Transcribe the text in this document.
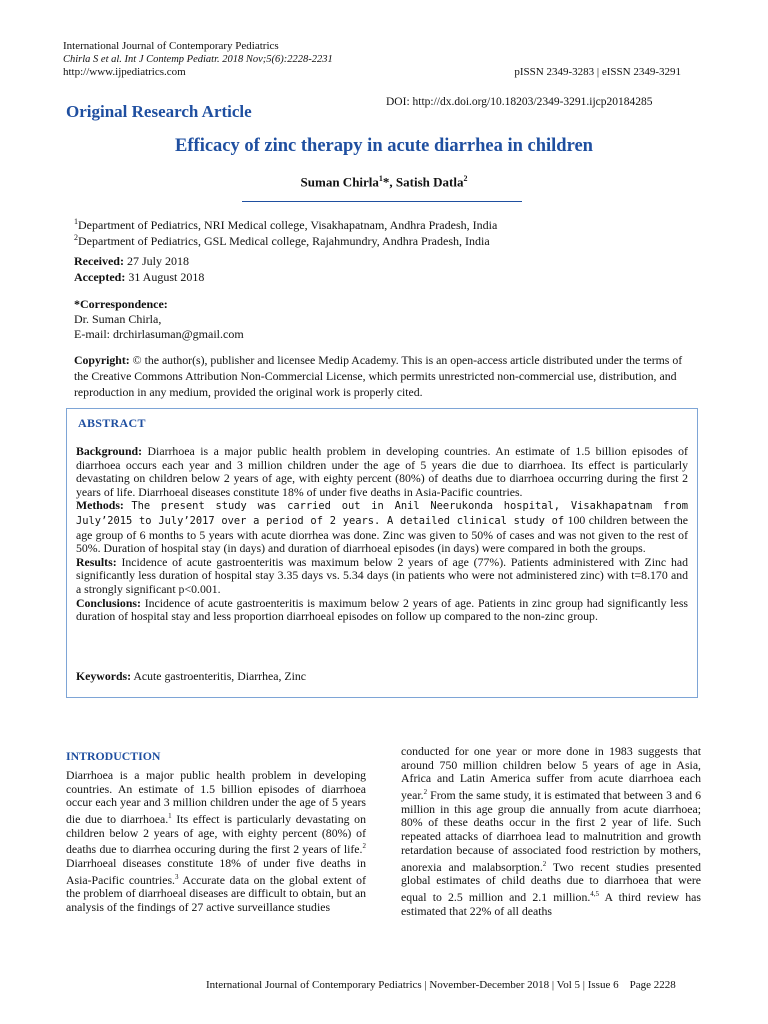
International Journal of Contemporary Pediatrics
Chirla S et al. Int J Contemp Pediatr. 2018 Nov;5(6):2228-2231
http://www.ijpediatrics.com	pISSN 2349-3283 | eISSN 2349-3291
Original Research Article	DOI: http://dx.doi.org/10.18203/2349-3291.ijcp20184285
Efficacy of zinc therapy in acute diarrhea in children
Suman Chirla$^1$*, Satish Datla$^2$
$^1$Department of Pediatrics, NRI Medical college, Visakhapatnam, Andhra Pradesh, India
$^2$Department of Pediatrics, GSL Medical college, Rajahmundry, Andhra Pradesh, India
Received: 27 July 2018
Accepted: 31 August 2018
*Correspondence:
Dr. Suman Chirla,
E-mail: drchirlasuman@gmail.com
Copyright: © the author(s), publisher and licensee Medip Academy. This is an open-access article distributed under the terms of the Creative Commons Attribution Non-Commercial License, which permits unrestricted non-commercial use, distribution, and reproduction in any medium, provided the original work is properly cited.
ABSTRACT

Background: Diarrhoea is a major public health problem in developing countries. An estimate of 1.5 billion episodes of diarrhoea occurs each year and 3 million children under the age of 5 years die due to diarrhoea. Its effect is particularly devastating on children below 2 years of age, with eighty percent (80%) of deaths due to diarrhoea occurring during the first 2 years of life. Diarrhoeal diseases constitute 18% of under five deaths in Asia-Pacific countries.

Methods: The present study was carried out in Anil Neerukonda hospital, Visakhapatnam from July’2015 to July’2017 over a period of 2 years. A detailed clinical study of 100 children between the age group of 6 months to 5 years with acute diorrhea was done. Zinc was given to 50% of cases and was not given to the rest of 50%. Duration of hospital stay (in days) and duration of diarrhoeal episodes (in days) were compared in both the groups.

Results: Incidence of acute gastroenteritis was maximum below 2 years of age (77%). Patients administered with Zinc had significantly less duration of hospital stay 3.35 days vs. 5.34 days (in patients who were not administered zinc) with t=8.170 and a strongly significant p<0.001.

Conclusions: Incidence of acute gastroenteritis is maximum below 2 years of age. Patients in zinc group had significantly less duration of hospital stay and less proportion diarrhoeal episodes on follow up compared to the non-zinc group.

Keywords: Acute gastroenteritis, Diarrhea, Zinc
INTRODUCTION

Diarrhoea is a major public health problem in developing countries. An estimate of 1.5 billion episodes of diarrhoea occur each year and 3 million children under the age of 5 years die due to diarrhoea.$^1$ Its effect is particularly devastating on children below 2 years of age, with eighty percent (80%) of deaths due to diarrhea occuring during the first 2 years of life.$^2$ Diarrhoeal diseases constitute 18% of under five deaths in Asia-Pacific countries.$^3$ Accurate data on the global extent of the problem of diarrhoeal diseases are difficult to obtain, but an analysis of the findings of 27 active surveillance studies

conducted for one year or more done in 1983 suggests that around 750 million children below 5 years of age in Asia, Africa and Latin America suffer from acute diarrhoea each year.$^2$ From the same study, it is estimated that between 3 and 6 million in this age group die annually from acute diarrhoea; 80% of these deaths occur in the first 2 year of life. Such repeated attacks of diarrhoea lead to malnutrition and growth retardation because of associated food restriction by mothers, anorexia and malabsorption.$^2$ Two recent studies presented global estimates of child deaths due to diarrhoea that were equal to 2.5 million and 2.1 million.$^{4,5}$ A third review has estimated that 22% of all deaths

International Journal of Contemporary Pediatrics | November-December 2018 | Vol 5 | Issue 6    Page 2228
